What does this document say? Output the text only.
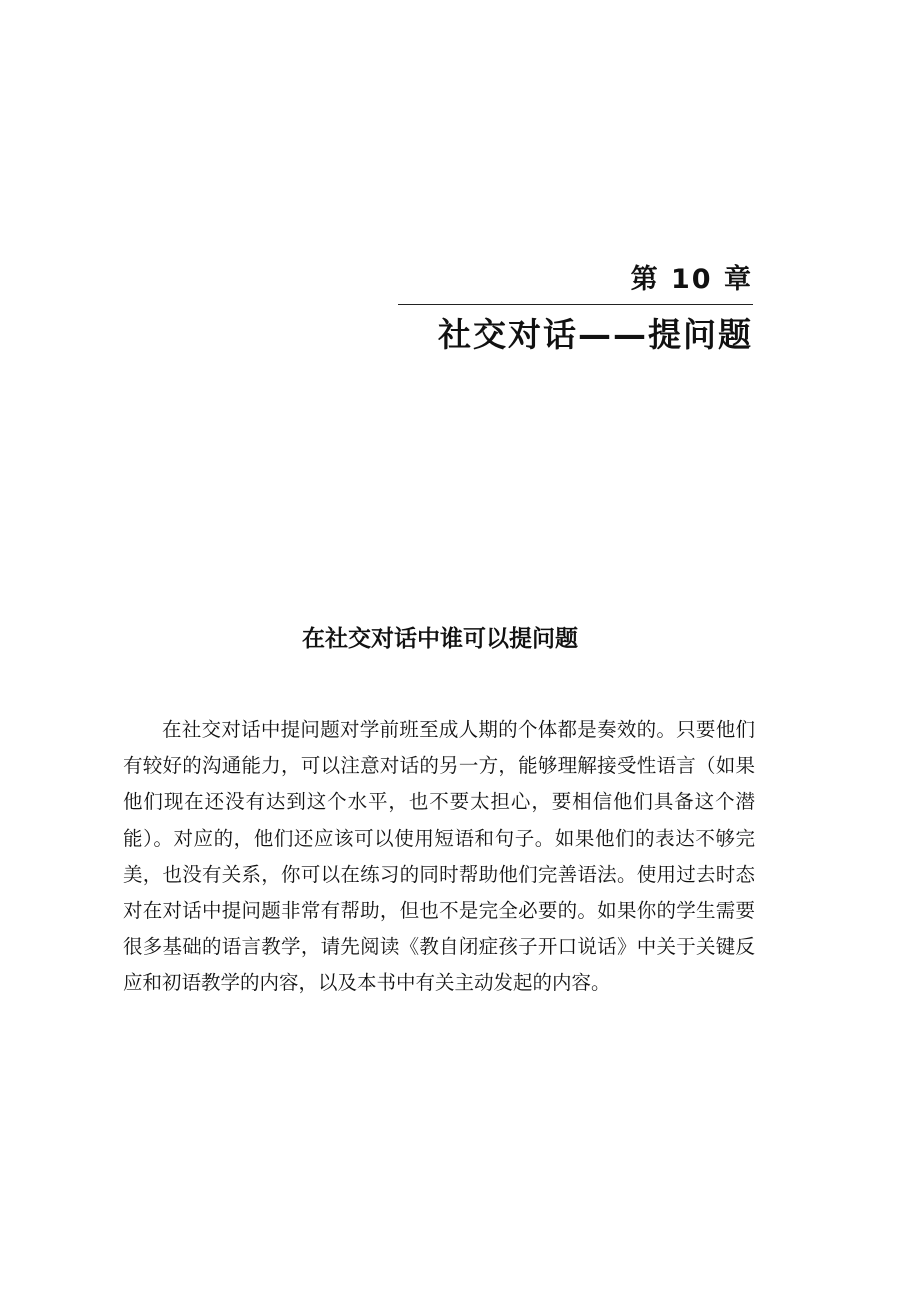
第 10 章
社交对话——提问题
在社交对话中谁可以提问题

在社交对话中提问题对学前班至成人期的个体都是奏效的。只要他们有较好的沟通能力，可以注意对话的另一方，能够理解接受性语言（如果他们现在还没有达到这个水平，也不要太担心，要相信他们具备这个潜能）。对应的，他们还应该可以使用短语和句子。如果他们的表达不够完美，也没有关系，你可以在练习的同时帮助他们完善语法。使用过去时态对在对话中提问题非常有帮助，但也不是完全必要的。如果你的学生需要很多基础的语言教学，请先阅读《教自闭症孩子开口说话》中关于关键反应和初语教学的内容，以及本书中有关主动发起的内容。
